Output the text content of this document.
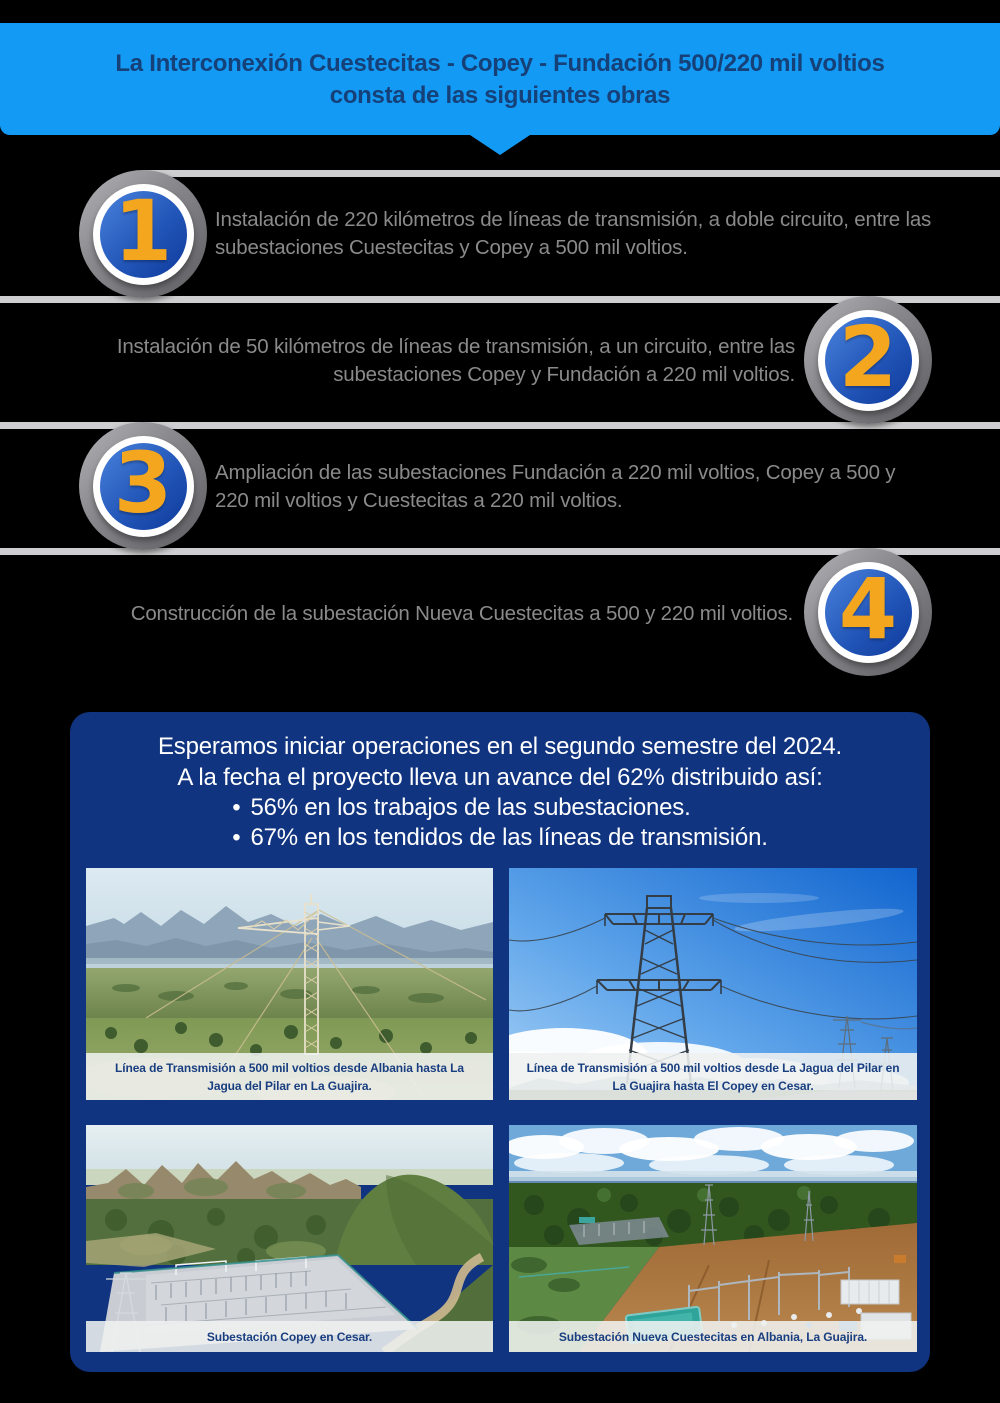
La Interconexión Cuestecitas - Copey - Fundación 500/220 mil voltios
consta de las siguientes obras
1
2
3
4
Instalación de 220 kilómetros de líneas de transmisión, a doble circuito, entre las subestaciones Cuestecitas y Copey a 500 mil voltios.
Instalación de 50 kilómetros de líneas de transmisión, a un circuito, entre las subestaciones Copey y Fundación a 220 mil voltios.
Ampliación de las subestaciones Fundación a 220 mil voltios, Copey a 500 y 220 mil voltios y Cuestecitas a 220 mil voltios.
Construcción de la subestación Nueva Cuestecitas a 500 y 220 mil voltios.
Esperamos iniciar operaciones en el segundo semestre del 2024.
A la fecha el proyecto lleva un avance del 62% distribuido así:
• 56% en los trabajos de las subestaciones.
• 67% en los tendidos de las líneas de transmisión.
Línea de Transmisión a 500 mil voltios desde Albania hasta La Jagua del Pilar en La Guajira.
Línea de Transmisión a 500 mil voltios desde La Jagua del Pilar en La Guajira hasta El Copey en Cesar.
Subestación Copey en Cesar.	Subestación Nueva Cuestecitas en Albania, La Guajira.
